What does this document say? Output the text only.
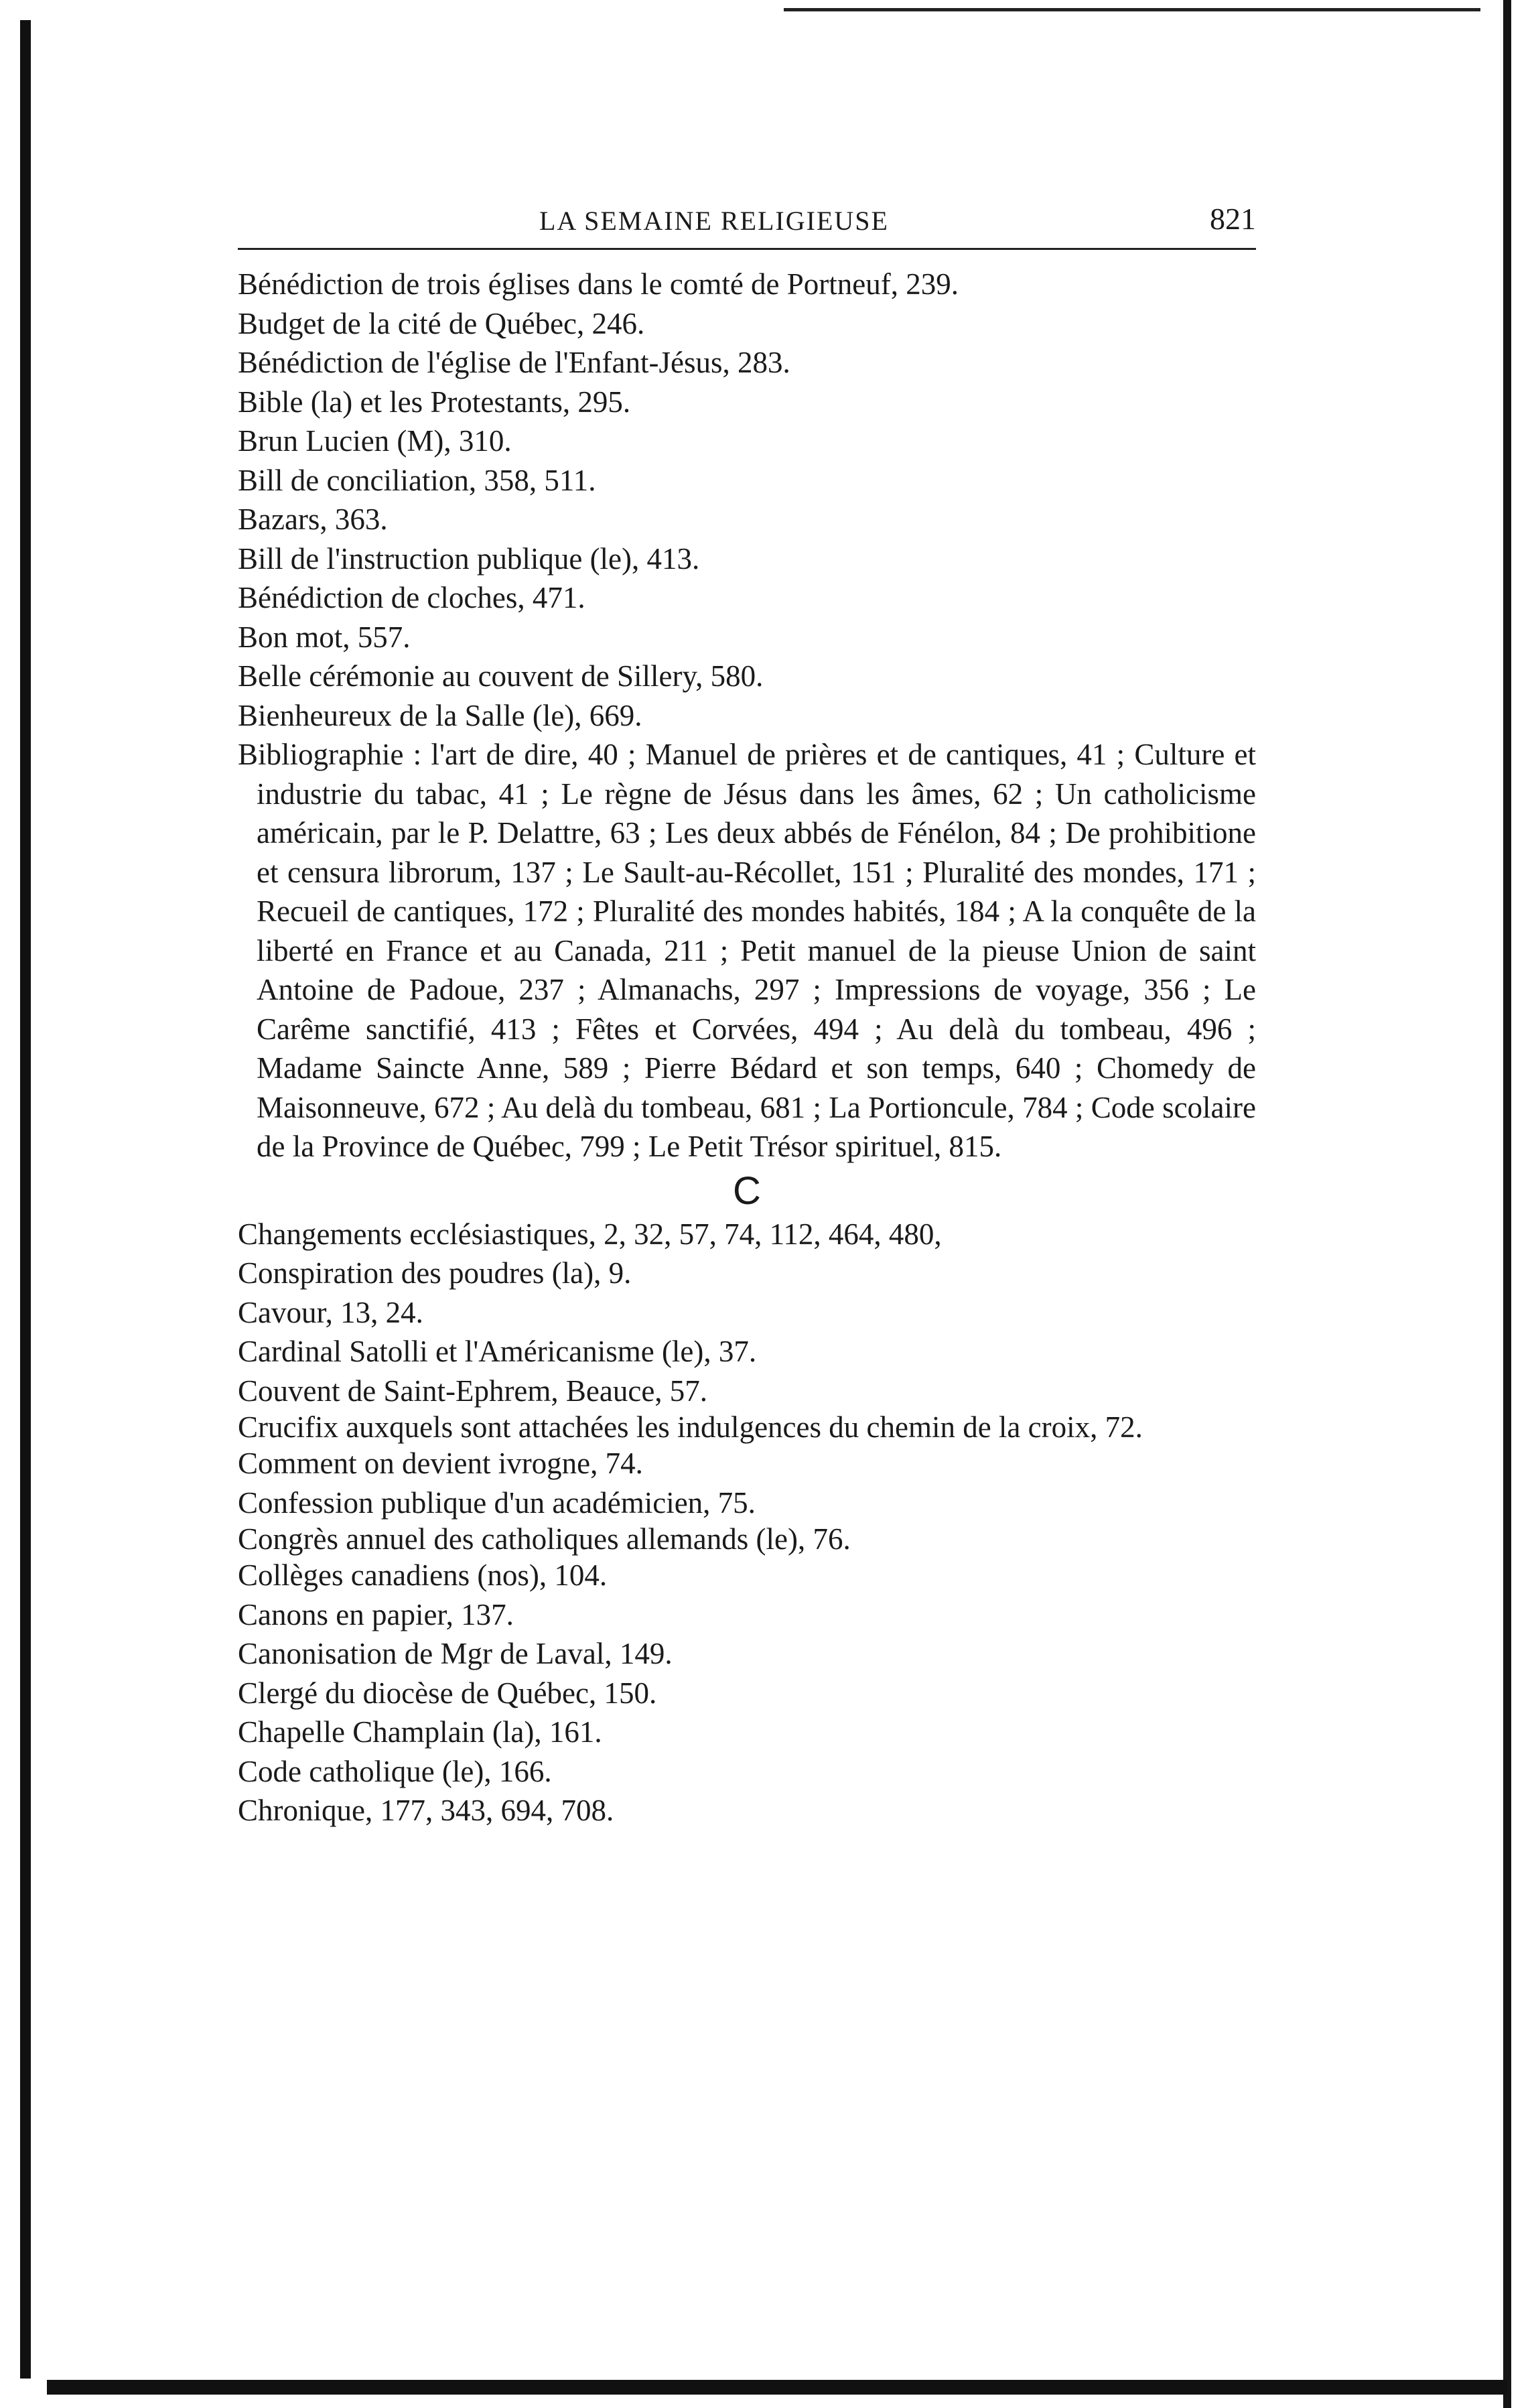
LA SEMAINE RELIGIEUSE	821

Bénédiction de trois églises dans le comté de Portneuf, 239.

Budget de la cité de Québec, 246.

Bénédiction de l'église de l'Enfant-Jésus, 283.

Bible (la) et les Protestants, 295.

Brun Lucien (M), 310.

Bill de conciliation, 358, 511.

Bazars, 363.

Bill de l'instruction publique (le), 413.

Bénédiction de cloches, 471.

Bon mot, 557.

Belle cérémonie au couvent de Sillery, 580.

Bienheureux de la Salle (le), 669.

Bibliographie : l'art de dire, 40 ; Manuel de prières et de cantiques, 41 ; Culture et industrie du tabac, 41 ; Le règne de Jésus dans les âmes, 62 ; Un catholicisme américain, par le P. Delattre, 63 ; Les deux abbés de Fénélon, 84 ; De prohibitione et censura librorum, 137 ; Le Sault-au-Récollet, 151 ; Pluralité des mondes, 171 ; Recueil de cantiques, 172 ; Pluralité des mondes habités, 184 ; A la conquête de la liberté en France et au Canada, 211 ; Petit manuel de la pieuse Union de saint Antoine de Padoue, 237 ; Almanachs, 297 ; Impressions de voyage, 356 ; Le Carême sanctifié, 413 ; Fêtes et Corvées, 494 ; Au delà du tombeau, 496 ; Madame Saincte Anne, 589 ; Pierre Bédard et son temps, 640 ; Chomedy de Maisonneuve, 672 ; Au delà du tombeau, 681 ; La Portioncule, 784 ; Code scolaire de la Province de Québec, 799 ; Le Petit Trésor spirituel, 815.

C

Changements ecclésiastiques, 2, 32, 57, 74, 112, 464, 480,

Conspiration des poudres (la), 9.

Cavour, 13, 24.

Cardinal Satolli et l'Américanisme (le), 37.

Couvent de Saint-Ephrem, Beauce, 57.

Crucifix auxquels sont attachées les indulgences du chemin de la croix, 72.

Comment on devient ivrogne, 74.

Confession publique d'un académicien, 75.

Congrès annuel des catholiques allemands (le), 76.

Collèges canadiens (nos), 104.

Canons en papier, 137.

Canonisation de Mgr de Laval, 149.

Clergé du diocèse de Québec, 150.

Chapelle Champlain (la), 161.

Code catholique (le), 166.

Chronique, 177, 343, 694, 708.
